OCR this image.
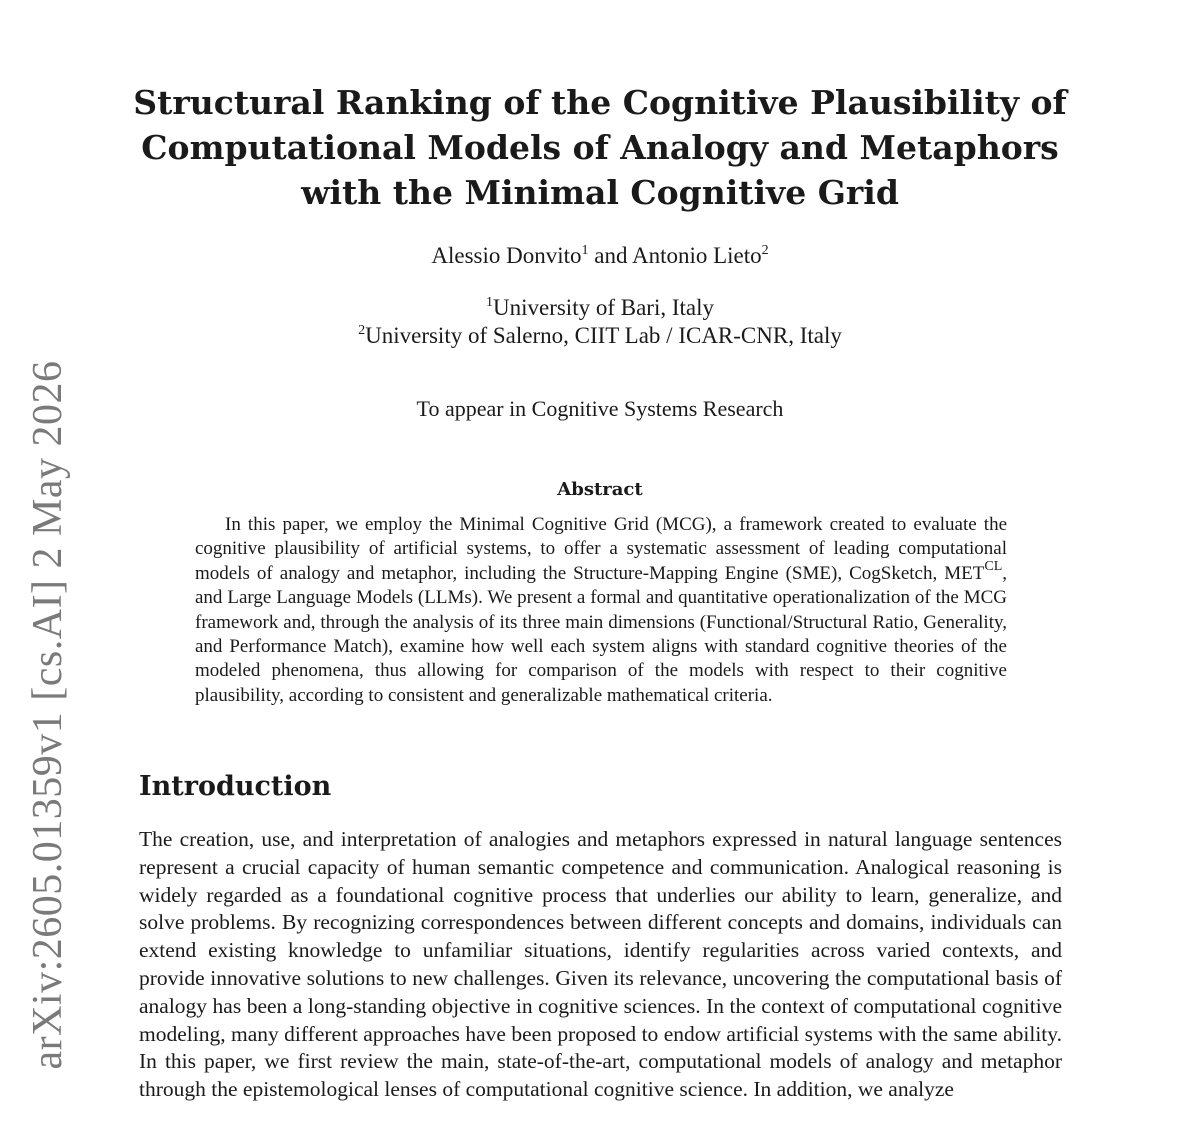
arXiv:2605.01359v1 [cs.AI] 2 May 2026
Structural Ranking of the Cognitive Plausibility of
Computational Models of Analogy and Metaphors
with the Minimal Cognitive Grid
Alessio Donvito$^1$ and Antonio Lieto$^2$
$^1$University of Bari, Italy
$^2$University of Salerno, CIIT Lab / ICAR-CNR, Italy
To appear in Cognitive Systems Research
Abstract

In this paper, we employ the Minimal Cognitive Grid (MCG), a framework created to evaluate the cognitive plausibility of artificial systems, to offer a systematic assessment of leading computational models of analogy and metaphor, including the Structure-Mapping Engine (SME), CogSketch, $MET^{CL}$, and Large Language Models (LLMs). We present a formal and quantitative operationalization of the MCG framework and, through the analysis of its three main dimensions (Functional/Structural Ratio, Generality, and Performance Match), examine how well each system aligns with standard cognitive theories of the modeled phenomena, thus allowing for comparison of the models with respect to their cognitive plausibility, according to consistent and generalizable mathematical criteria.

Introduction

The creation, use, and interpretation of analogies and metaphors expressed in natural language sentences represent a crucial capacity of human semantic competence and communication. Analogical reasoning is widely regarded as a foundational cognitive process that underlies our ability to learn, generalize, and solve problems. By recognizing correspondences between different concepts and domains, individuals can extend existing knowledge to unfamiliar situations, identify regularities across varied contexts, and provide innovative solutions to new challenges. Given its relevance, uncovering the computational basis of analogy has been a long-standing objective in cognitive sciences. In the context of computational cognitive modeling, many different approaches have been proposed to endow artificial systems with the same ability. In this paper, we first review the main, state-of-the-art, computational models of analogy and metaphor through the epistemological lenses of computational cognitive science. In addition, we analyze
